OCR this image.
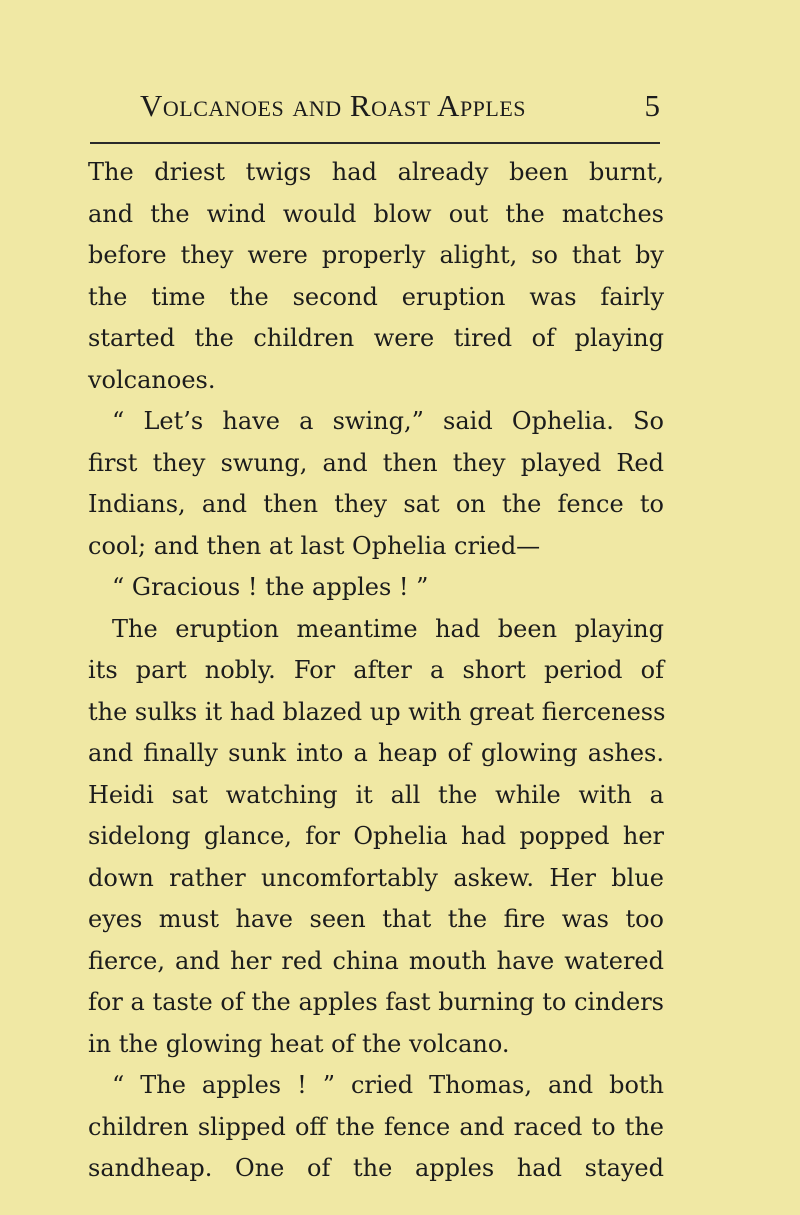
Volcanoes and Roast Apples	5
The driest twigs had already been burnt,
and the wind would blow out the matches
before they were properly alight, so that by
the time the second eruption was fairly
started the children were tired of playing
volcanoes.
“ Let’s have a swing,” said Ophelia. So
first they swung, and then they played Red
Indians, and then they sat on the fence to
cool; and then at last Ophelia cried—
“ Gracious ! the apples ! ”
The eruption meantime had been playing
its part nobly. For after a short period of
the sulks it had blazed up with great fierceness
and finally sunk into a heap of glowing ashes.
Heidi sat watching it all the while with a
sidelong glance, for Ophelia had popped her
down rather uncomfortably askew. Her blue
eyes must have seen that the fire was too
fierce, and her red china mouth have watered
for a taste of the apples fast burning to cinders
in the glowing heat of the volcano.
“ The apples ! ” cried Thomas, and both
children slipped off the fence and raced to the
sandheap. One of the apples had stayed
